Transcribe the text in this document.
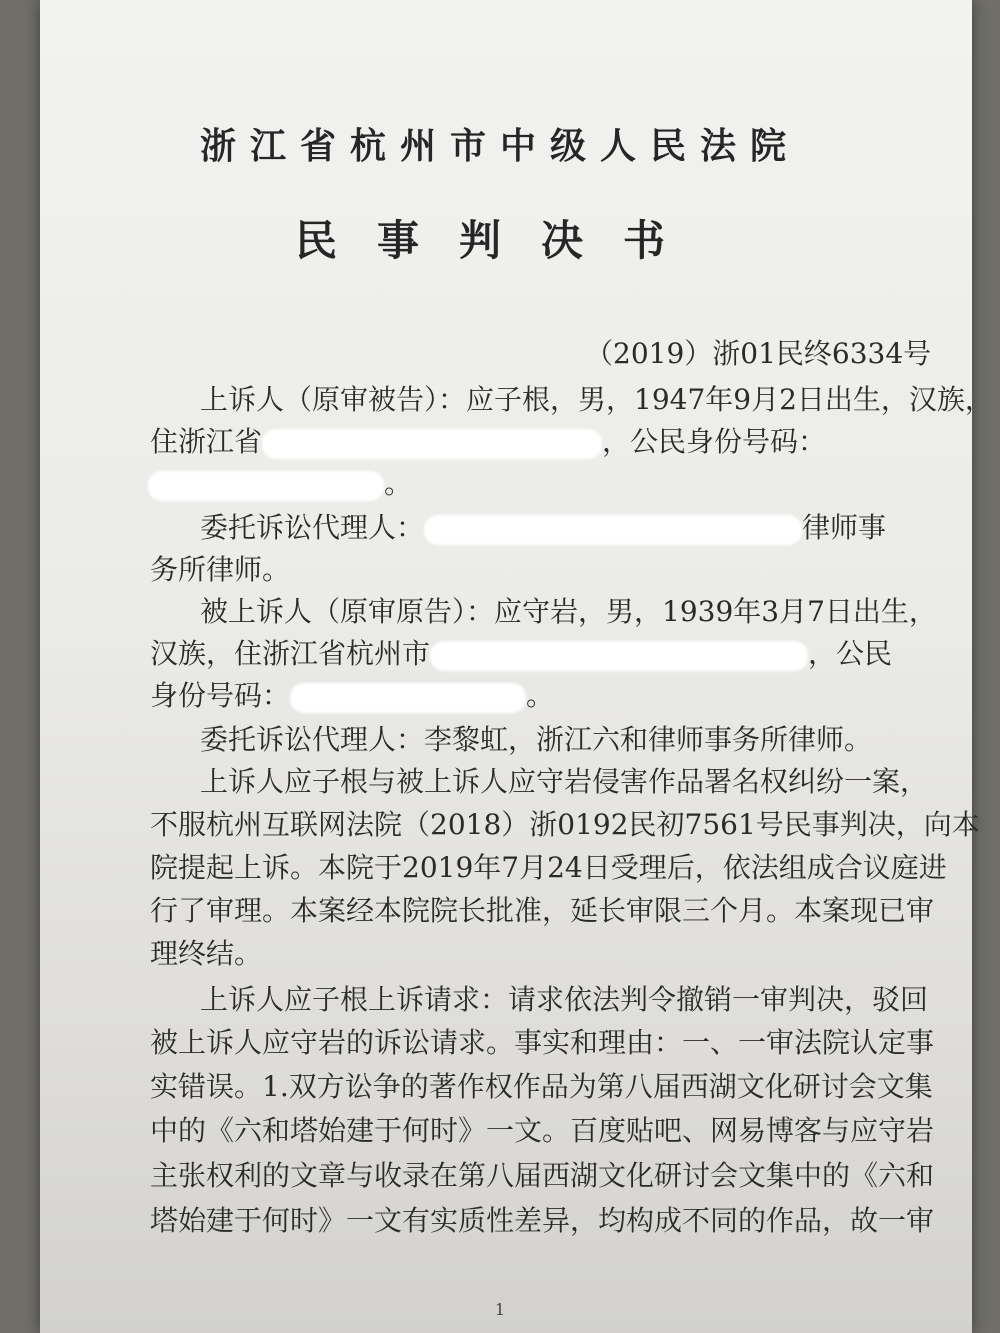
浙江省杭州市中级人民法院
民事判决书
（2019）浙01民终6334号
上诉人（原审被告）：应子根，男，1947年9月2日出生，汉族，
住浙江省	，公民身份号码：
。
委托诉讼代理人：	律师事
务所律师。
被上诉人（原审原告）：应守岩，男，1939年3月7日出生，
汉族，住浙江省杭州市	，公民
身份号码：	。
委托诉讼代理人：李黎虹，浙江六和律师事务所律师。
上诉人应子根与被上诉人应守岩侵害作品署名权纠纷一案，
不服杭州互联网法院（2018）浙0192民初7561号民事判决，向本
院提起上诉。本院于2019年7月24日受理后，依法组成合议庭进
行了审理。本案经本院院长批准，延长审限三个月。本案现已审
理终结。
上诉人应子根上诉请求：请求依法判令撤销一审判决，驳回
被上诉人应守岩的诉讼请求。事实和理由：一、一审法院认定事
实错误。1.双方讼争的著作权作品为第八届西湖文化研讨会文集
中的《六和塔始建于何时》一文。百度贴吧、网易博客与应守岩
主张权利的文章与收录在第八届西湖文化研讨会文集中的《六和
塔始建于何时》一文有实质性差异，均构成不同的作品，故一审
1
